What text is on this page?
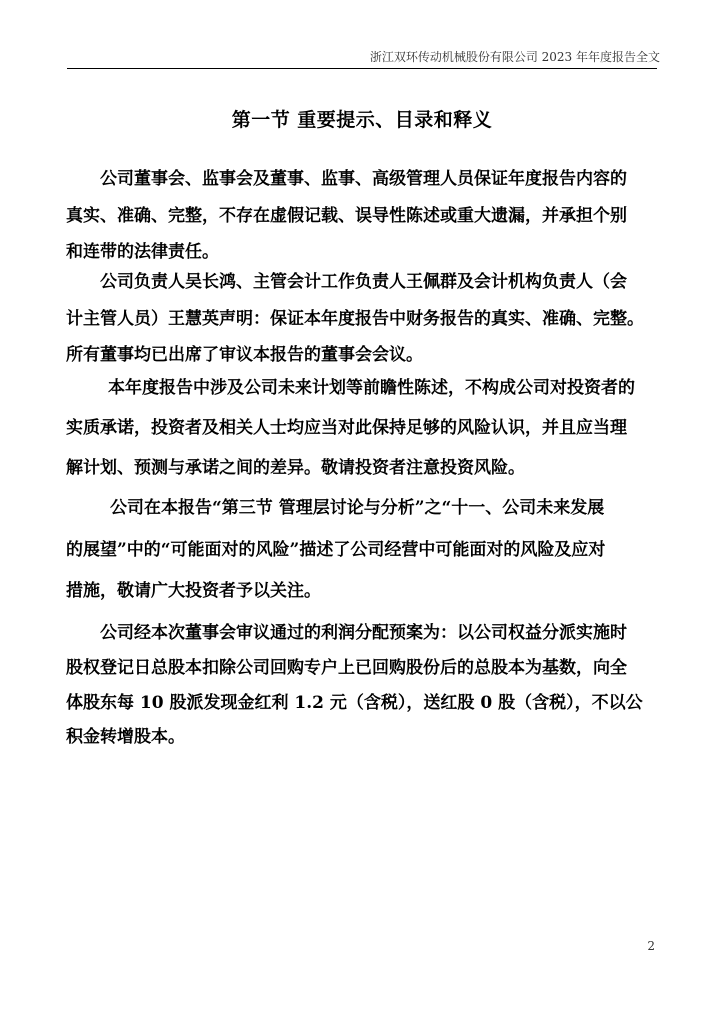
浙江双环传动机械股份有限公司 2023 年年度报告全文
第一节 重要提示、目录和释义
公司董事会、监事会及董事、监事、高级管理人员保证年度报告内容的
真实、准确、完整，不存在虚假记载、误导性陈述或重大遗漏，并承担个别
和连带的法律责任。
公司负责人吴长鸿、主管会计工作负责人王佩群及会计机构负责人（会
计主管人员）王慧英声明：保证本年度报告中财务报告的真实、准确、完整。
所有董事均已出席了审议本报告的董事会会议。
本年度报告中涉及公司未来计划等前瞻性陈述，不构成公司对投资者的
实质承诺，投资者及相关人士均应当对此保持足够的风险认识，并且应当理
解计划、预测与承诺之间的差异。敬请投资者注意投资风险。
公司在本报告“第三节 管理层讨论与分析”之“十一、公司未来发展
的展望”中的“可能面对的风险”描述了公司经营中可能面对的风险及应对
措施，敬请广大投资者予以关注。
公司经本次董事会审议通过的利润分配预案为：以公司权益分派实施时
股权登记日总股本扣除公司回购专户上已回购股份后的总股本为基数，向全
体股东每 10 股派发现金红利 1.2 元（含税），送红股 0 股（含税），不以公
积金转增股本。
2
